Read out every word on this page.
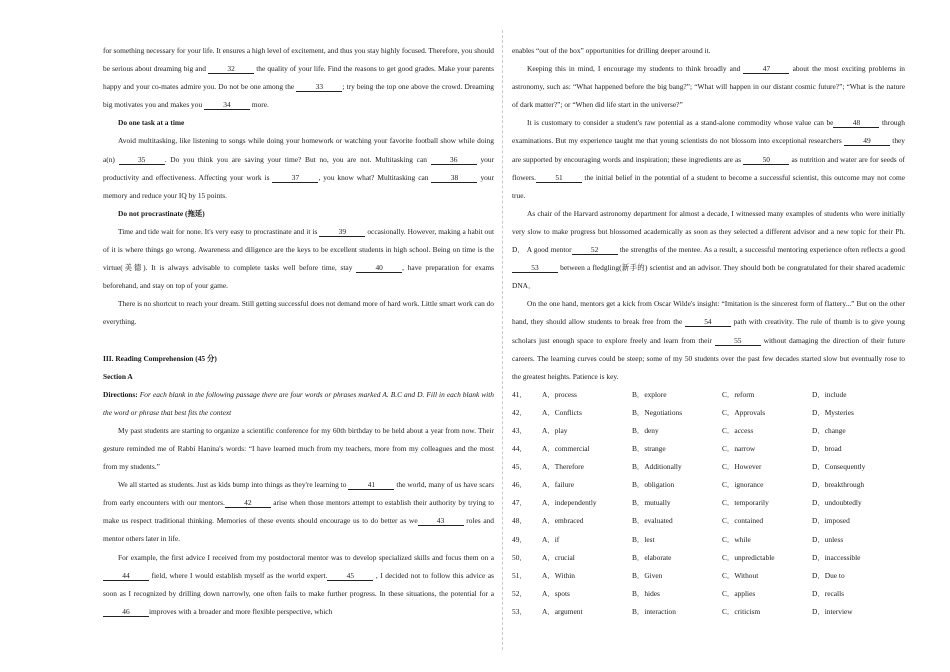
for something necessary for your life. It ensures a high level of excitement, and thus you stay highly focused. Therefore, you should be serious about dreaming big and	32	the quality of your life. Find the reasons to get good grades. Make your parents happy and your co-mates admire you. Do not be one among the	33	; try being the top one above the crowd. Dreaming big motivates you and makes you	34	more.

Do one task at a time

Avoid multitasking, like listening to songs while doing your homework or watching your favorite football show while doing a(n)	35	. Do you think you are saving your time? But no, you are not. Multitasking can	36	your productivity and effectiveness. Affecting your work is	37	, you know what? Multitasking can	38	your memory and reduce your IQ by 15 points.

Do not procrastinate (拖延)

Time and tide wait for none. It's very easy to procrastinate and it is	39	occasionally. However, making a habit out of it is where things go wrong. Awareness and diligence are the keys to be excellent students in high school. Being on time is the virtue(美德). It is always advisable to complete tasks well before time, stay	40	, have preparation for exams beforehand, and stay on top of your game.

There is no shortcut to reach your dream. Still getting successful does not demand more of hard work. Little smart work can do everything.

III. Reading Comprehension (45 分)

Section A

Directions: For each blank in the following passage there are four words or phrases marked A. B.C and D. Fill in each blank with the word or phrase that best fits the context

My past students are starting to organize a scientific conference for my 60th birthday to be held about a year from now. Their gesture reminded me of Rabbi Hanina's words: “I have learned much from my teachers, more from my colleagues and the most from my students.”

We all started as students. Just as kids bump into things as they're learning to	41	the world, many of us have scars from early encounters with our mentors.	42	arise when those mentors attempt to establish their authority by trying to make us respect traditional thinking. Memories of these events should encourage us to do better as we	43	roles and mentor others later in life.

For example, the first advice I received from my postdoctoral mentor was to develop specialized skills and focus them on a 44	field, where I would establish myself as the world expert.	45	, I decided not to follow this advice as soon as I recognized by drilling down narrowly, one often fails to make further progress. In these situations, the potential for a 46	improves with a broader and more flexible perspective, which

enables “out of the box” opportunities for drilling deeper around it.

Keeping this in mind, I encourage my students to think broadly and	47	about the most exciting problems in astronomy, such as: “What happened before the big bang?”; “What will happen in our distant cosmic future?”; “What is the nature of dark matter?”; or “When did life start in the universe?”

It is customary to consider a student's raw potential as a stand-alone commodity whose value can be	48	through examinations. But my experience taught me that young scientists do not blossom into exceptional researchers	49	they are supported by encouraging words and inspiration; these ingredients are as	50	as nutrition and water are for seeds of flowers.	51	the initial belief in the potential of a student to become a successful scientist, this outcome may not come true.

As chair of the Harvard astronomy department for almost a decade, I witnessed many examples of students who were initially very slow to make progress but blossomed academically as soon as they selected a different advisor and a new topic for their Ph. D． A good mentor	52	the strengths of the mentee. As a result, a successful mentoring experience often reflects a good 53	between a fledgling(新手的) scientist and an advisor. They should both be congratulated for their shared academic DNA．

On the one hand, mentors get a kick from Oscar Wilde's insight: “Imitation is the sincerest form of flattery...” But on the other hand, they should allow students to break free from the	54	path with creativity. The rule of thumb is to give young scholars just enough space to explore freely and learn from their	55	without damaging the direction of their future careers. The learning curves could be steep; some of my 50 students over the past few decades started slow but eventually rose to the greatest heights. Patience is key.

41．	A．process	B．explore	C．reform	D．include
42．	A．Conflicts	B．Negotiations	C．Approvals	D．Mysteries
43．	A．play	B．deny	C．access	D．change
44．	A．commercial	B．strange	C．narrow	D．broad
45．	A．Therefore	B．Additionally	C．However	D．Consequently
46．	A．failure	B．obligation	C．ignorance	D．breakthrough
47．	A．independently	B．mutually	C．temporarily	D．undoubtedly
48．	A．embraced	B．evaluated	C．contained	D．imposed
49．	A．if	B．lest	C．while	D．unless
50．	A．crucial	B．elaborate	C．unpredictable	D．inaccessible
51．	A．Within	B．Given	C．Without	D．Due to
52．	A．spots	B．hides	C．applies	D．recalls
53．	A．argument	B．interaction	C．criticism	D．interview
